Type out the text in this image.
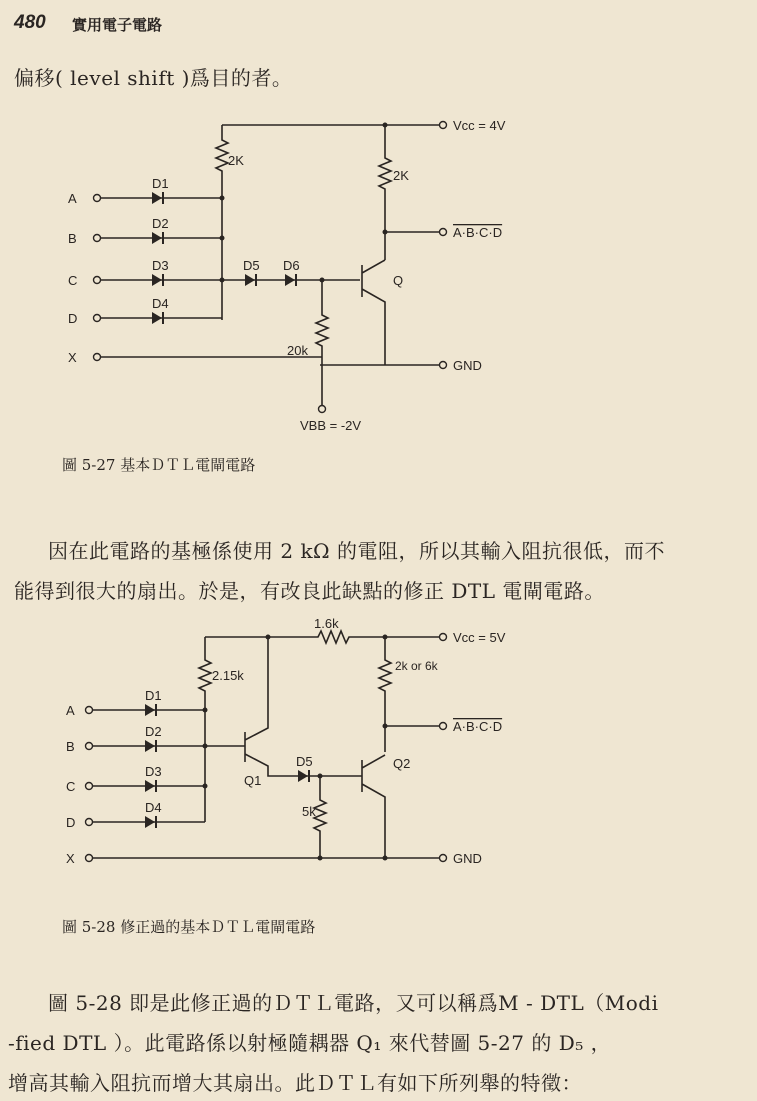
480 實用電子電路
偏移( level shift )爲目的者。
A
B
C
D
X
D1
D2
D3
D4
D5 D6
2K
2K
20k
Vcc = 4V
A·B·C·D
Q
GND
VBB = -2V
圖 5-27 基本ＤＴＬ電閘電路
因在此電路的基極係使用 2 kΩ 的電阻，所以其輸入阻抗很低，而不
能得到很大的扇出。於是，有改良此缺點的修正 DTL 電閘電路。
A
B
C
D
X
D1
D2
D3
D4
D5
1.6k
2.15k
2k or 6k
5k
Vcc = 5V
A·B·C·D
Q1
Q2
GND
圖 5-28 修正過的基本ＤＴＬ電閘電路
圖 5-28 即是此修正過的ＤＴＬ電路，又可以稱爲M - DTL（Modi
-fied DTL ）。此電路係以射極隨耦器 Q₁ 來代替圖 5-27 的 D₅ ，
增高其輸入阻抗而增大其扇出。此ＤＴＬ有如下所列舉的特徵：
